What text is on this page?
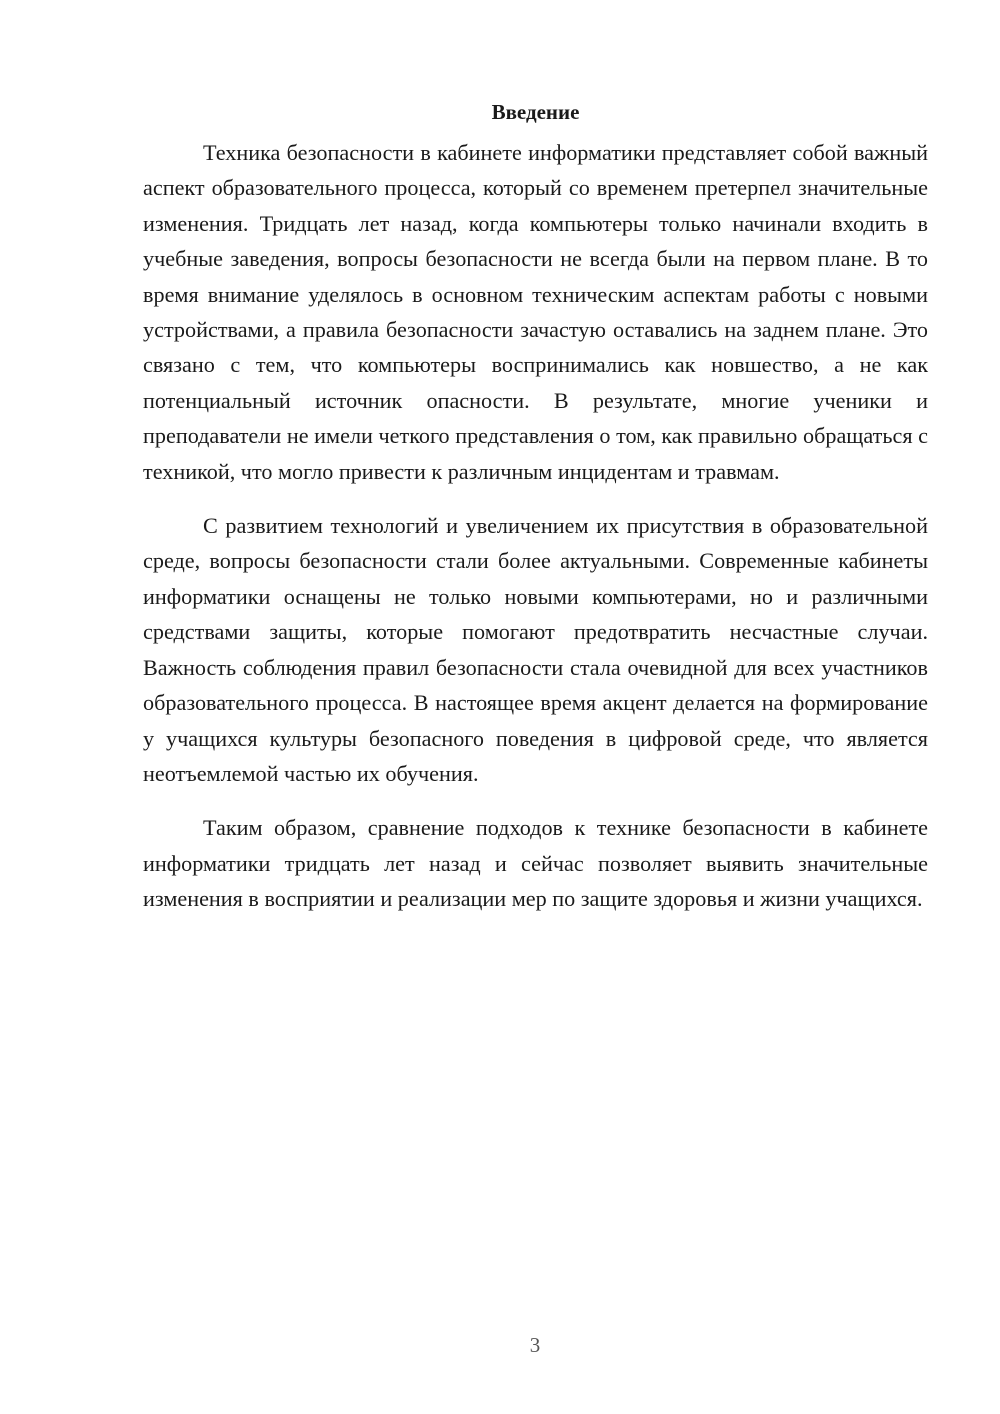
Введение

Техника безопасности в кабинете информатики представляет собой важный аспект образовательного процесса, который со временем претерпел значительные изменения. Тридцать лет назад, когда компьютеры только начинали входить в учебные заведения, вопросы безопасности не всегда были на первом плане. В то время внимание уделялось в основном техническим аспектам работы с новыми устройствами, а правила безопасности зачастую оставались на заднем плане. Это связано с тем, что компьютеры воспринимались как новшество, а не как потенциальный источник опасности. В результате, многие ученики и преподаватели не имели четкого представления о том, как правильно обращаться с техникой, что могло привести к различным инцидентам и травмам.

С развитием технологий и увеличением их присутствия в образовательной среде, вопросы безопасности стали более актуальными. Современные кабинеты информатики оснащены не только новыми компьютерами, но и различными средствами защиты, которые помогают предотвратить несчастные случаи. Важность соблюдения правил безопасности стала очевидной для всех участников образовательного процесса. В настоящее время акцент делается на формирование у учащихся культуры безопасного поведения в цифровой среде, что является неотъемлемой частью их обучения.

Таким образом, сравнение подходов к технике безопасности в кабинете информатики тридцать лет назад и сейчас позволяет выявить значительные изменения в восприятии и реализации мер по защите здоровья и жизни учащихся.

3
